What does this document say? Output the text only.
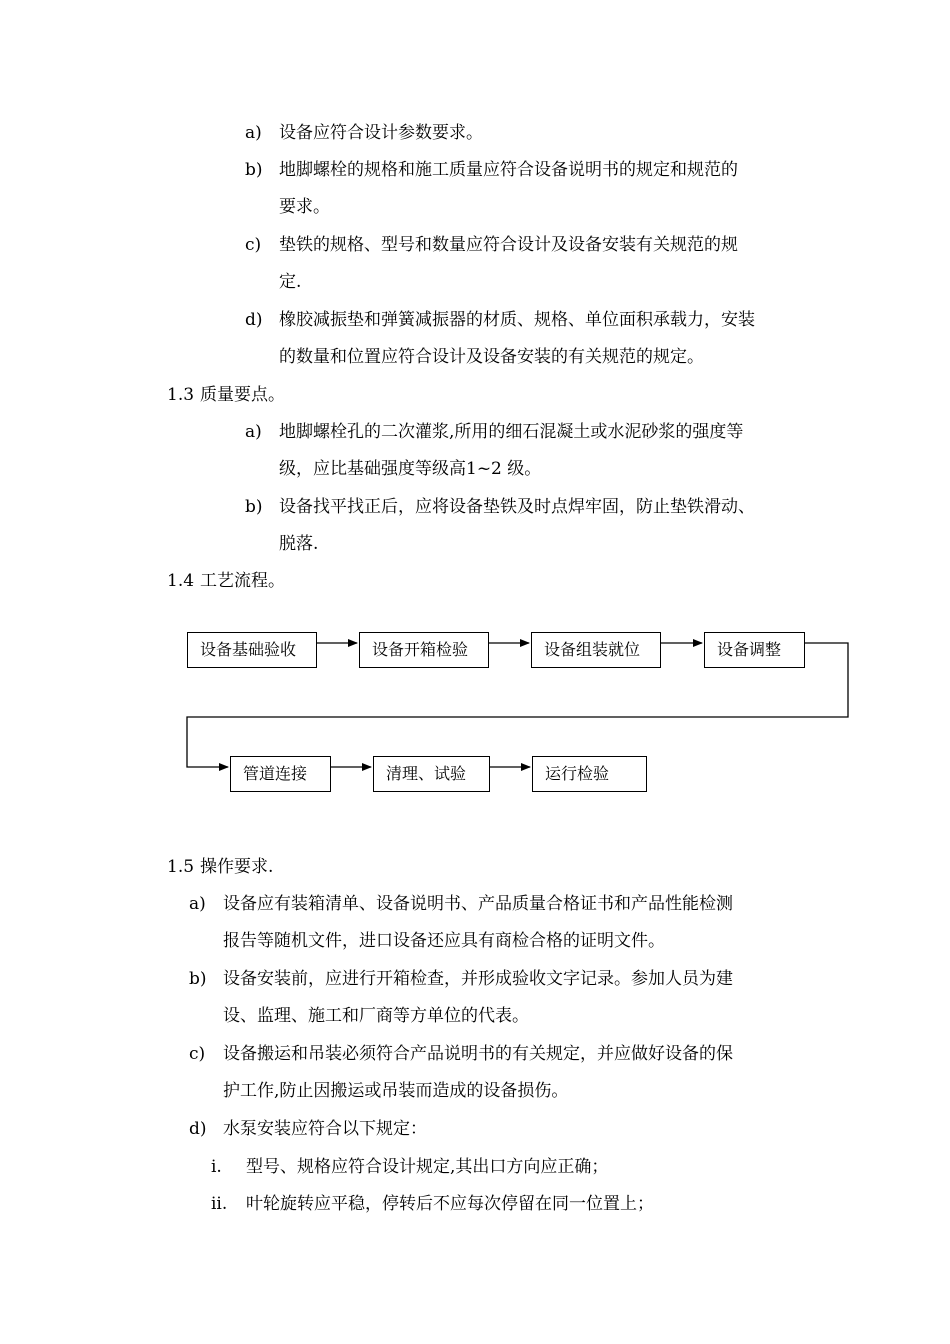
a) 设备应符合设计参数要求。
b) 地脚螺栓的规格和施工质量应符合设备说明书的规定和规范的
要求。
c) 垫铁的规格、型号和数量应符合设计及设备安装有关规范的规
定.
d) 橡胶减振垫和弹簧减振器的材质、规格、单位面积承载力，安装
的数量和位置应符合设计及设备安装的有关规范的规定。
1.3 质量要点。
a) 地脚螺栓孔的二次灌浆,所用的细石混凝土或水泥砂浆的强度等
级，应比基础强度等级高1~2 级。
b) 设备找平找正后，应将设备垫铁及时点焊牢固，防止垫铁滑动、
脱落.
1.4 工艺流程。
设备基础验收	设备开箱检验	设备组装就位	设备调整
管道连接	清理、试验	运行检验
1.5 操作要求.
a) 设备应有装箱清单、设备说明书、产品质量合格证书和产品性能检测
报告等随机文件，进口设备还应具有商检合格的证明文件。
b) 设备安装前，应进行开箱检查，并形成验收文字记录。参加人员为建
设、监理、施工和厂商等方单位的代表。
c) 设备搬运和吊装必须符合产品说明书的有关规定，并应做好设备的保
护工作,防止因搬运或吊装而造成的设备损伤。
d) 水泵安装应符合以下规定：
i. 型号、规格应符合设计规定,其出口方向应正确；
ii. 叶轮旋转应平稳，停转后不应每次停留在同一位置上；
